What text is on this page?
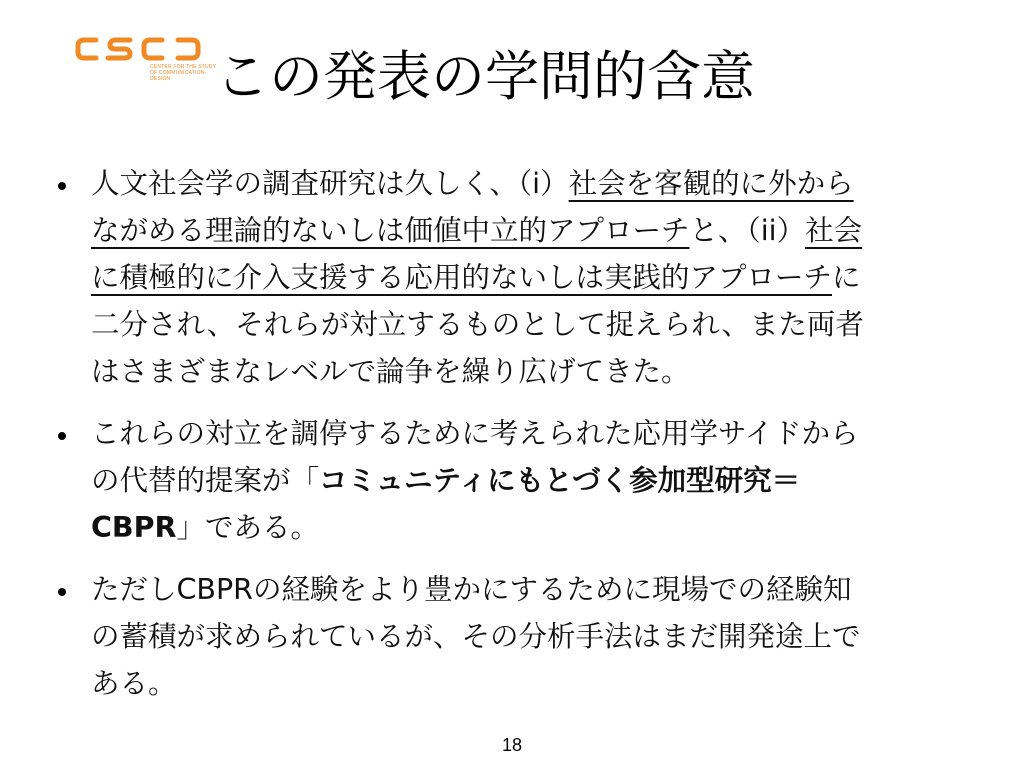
CENTER FOR THE STUDY OF COMMUNICATION-DESIGN この発表の学問的含意
人文社会学の調査研究は久しく、（i）社会を客観的に外から
ながめる理論的ないしは価値中立的アプローチと、（ii）社会
に積極的に介入支援する応用的ないしは実践的アプローチに
二分され、それらが対立するものとして捉えられ、また両者
はさまざまなレベルで論争を繰り広げてきた。
これらの対立を調停するために考えられた応用学サイドから
の代替的提案が「コミュニティにもとづく参加型研究＝
CBPR」である。
ただしCBPRの経験をより豊かにするために現場での経験知
の蓄積が求められているが、その分析手法はまだ開発途上で
ある。
18
